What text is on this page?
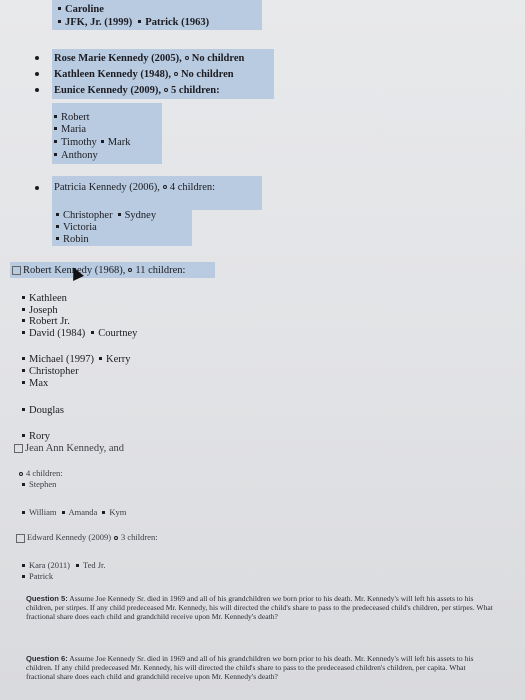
Caroline
JFK, Jr. (1999) Patrick (1963)
Rose Marie Kennedy (2005), No children
Kathleen Kennedy (1948), No children
Eunice Kennedy (2009), 5 children:
Robert
Maria
Timothy Mark
Anthony
Patricia Kennedy (2006), 4 children:
Christopher Sydney
Victoria
Robin
Robert Kennedy (1968), 11 children:
Kathleen
Joseph
Robert Jr.
David (1984) Courtney
Michael (1997) Kerry
Christopher
Max
Douglas
Rory
Jean Ann Kennedy, and
4 children:
Stephen
William Amanda Kym
Edward Kennedy (2009) 3 children:
Kara (2011) Ted Jr.
Patrick
Question 5: Assume Joe Kennedy Sr. died in 1969 and all of his grandchildren we born prior to his death. Mr. Kennedy's will left his assets to his children, per stirpes. If any child predeceased Mr. Kennedy, his will directed the child's share to pass to the predeceased child's children, per stirpes. What fractional share does each child and grandchild receive upon Mr. Kennedy's death?
Question 6: Assume Joe Kennedy Sr. died in 1969 and all of his grandchildren we born prior to his death. Mr. Kennedy's will left his assets to his children. If any child predeceased Mr. Kennedy, his will directed the child's share to pass to the predeceased children's children, per capita. What fractional share does each child and grandchild receive upon Mr. Kennedy's death?
